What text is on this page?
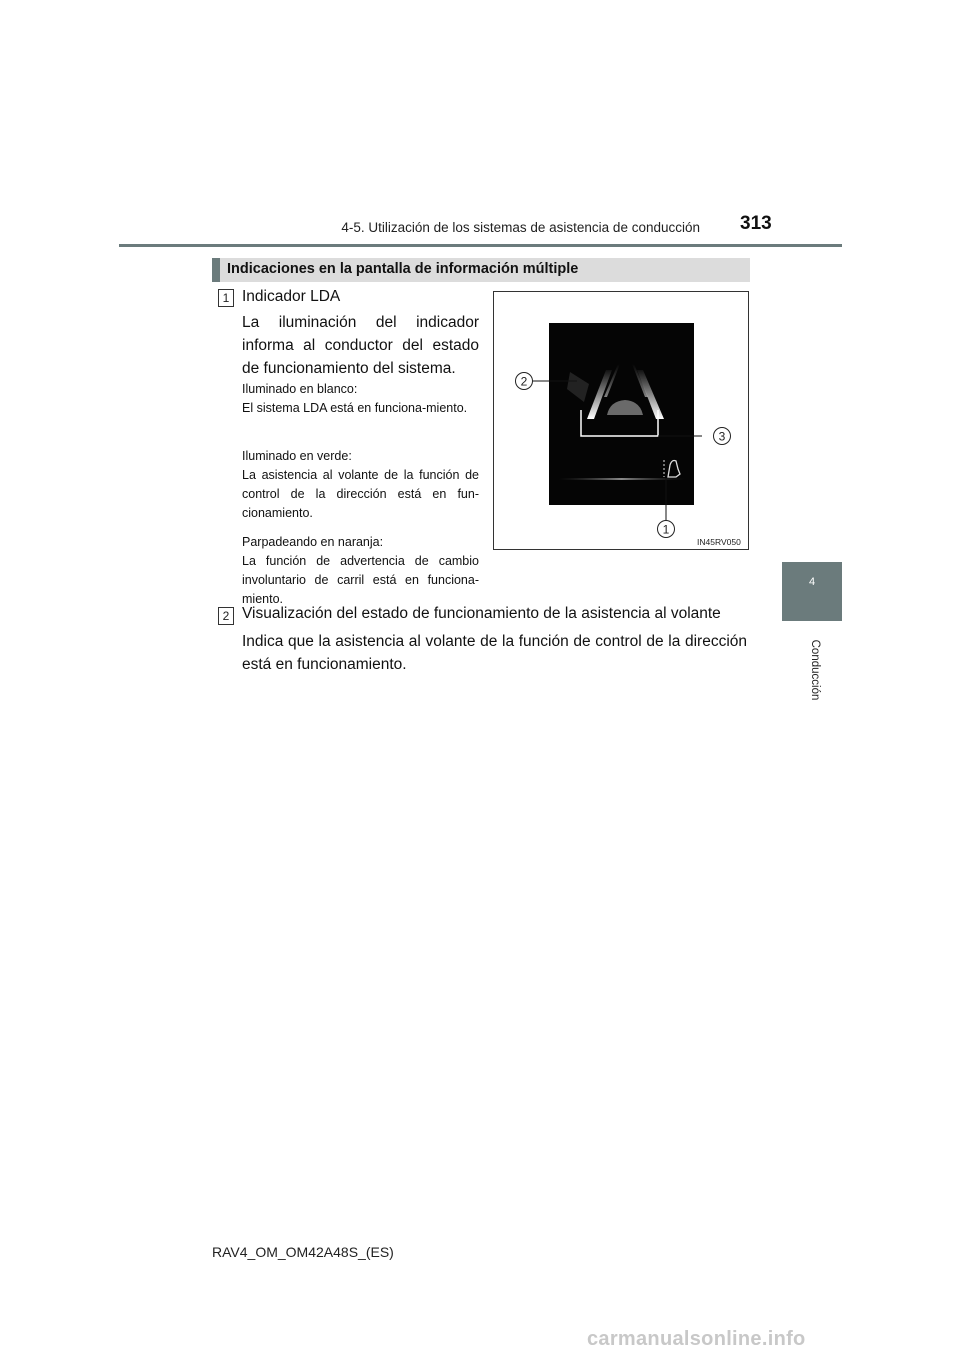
4-5. Utilización de los sistemas de asistencia de conducción 313
4
Conducción
Indicaciones en la pantalla de información múltiple
1 Indicador LDA
La iluminación del indicador informa al conductor del estado de funcionamiento del sistema.
Iluminado en blanco:
El sistema LDA está en funciona-miento.
Iluminado en verde:
La asistencia al volante de la función de control de la dirección está en fun-cionamiento.
Parpadeando en naranja:
La función de advertencia de cambio involuntario de carril está en funciona-miento.
2 Visualización del estado de funcionamiento de la asistencia al volante
Indica que la asistencia al volante de la función de control de la dirección está en funcionamiento.
2
3
1
IN45RV050
RAV4_OM_OM42A48S_(ES)
carmanualsonline.info
